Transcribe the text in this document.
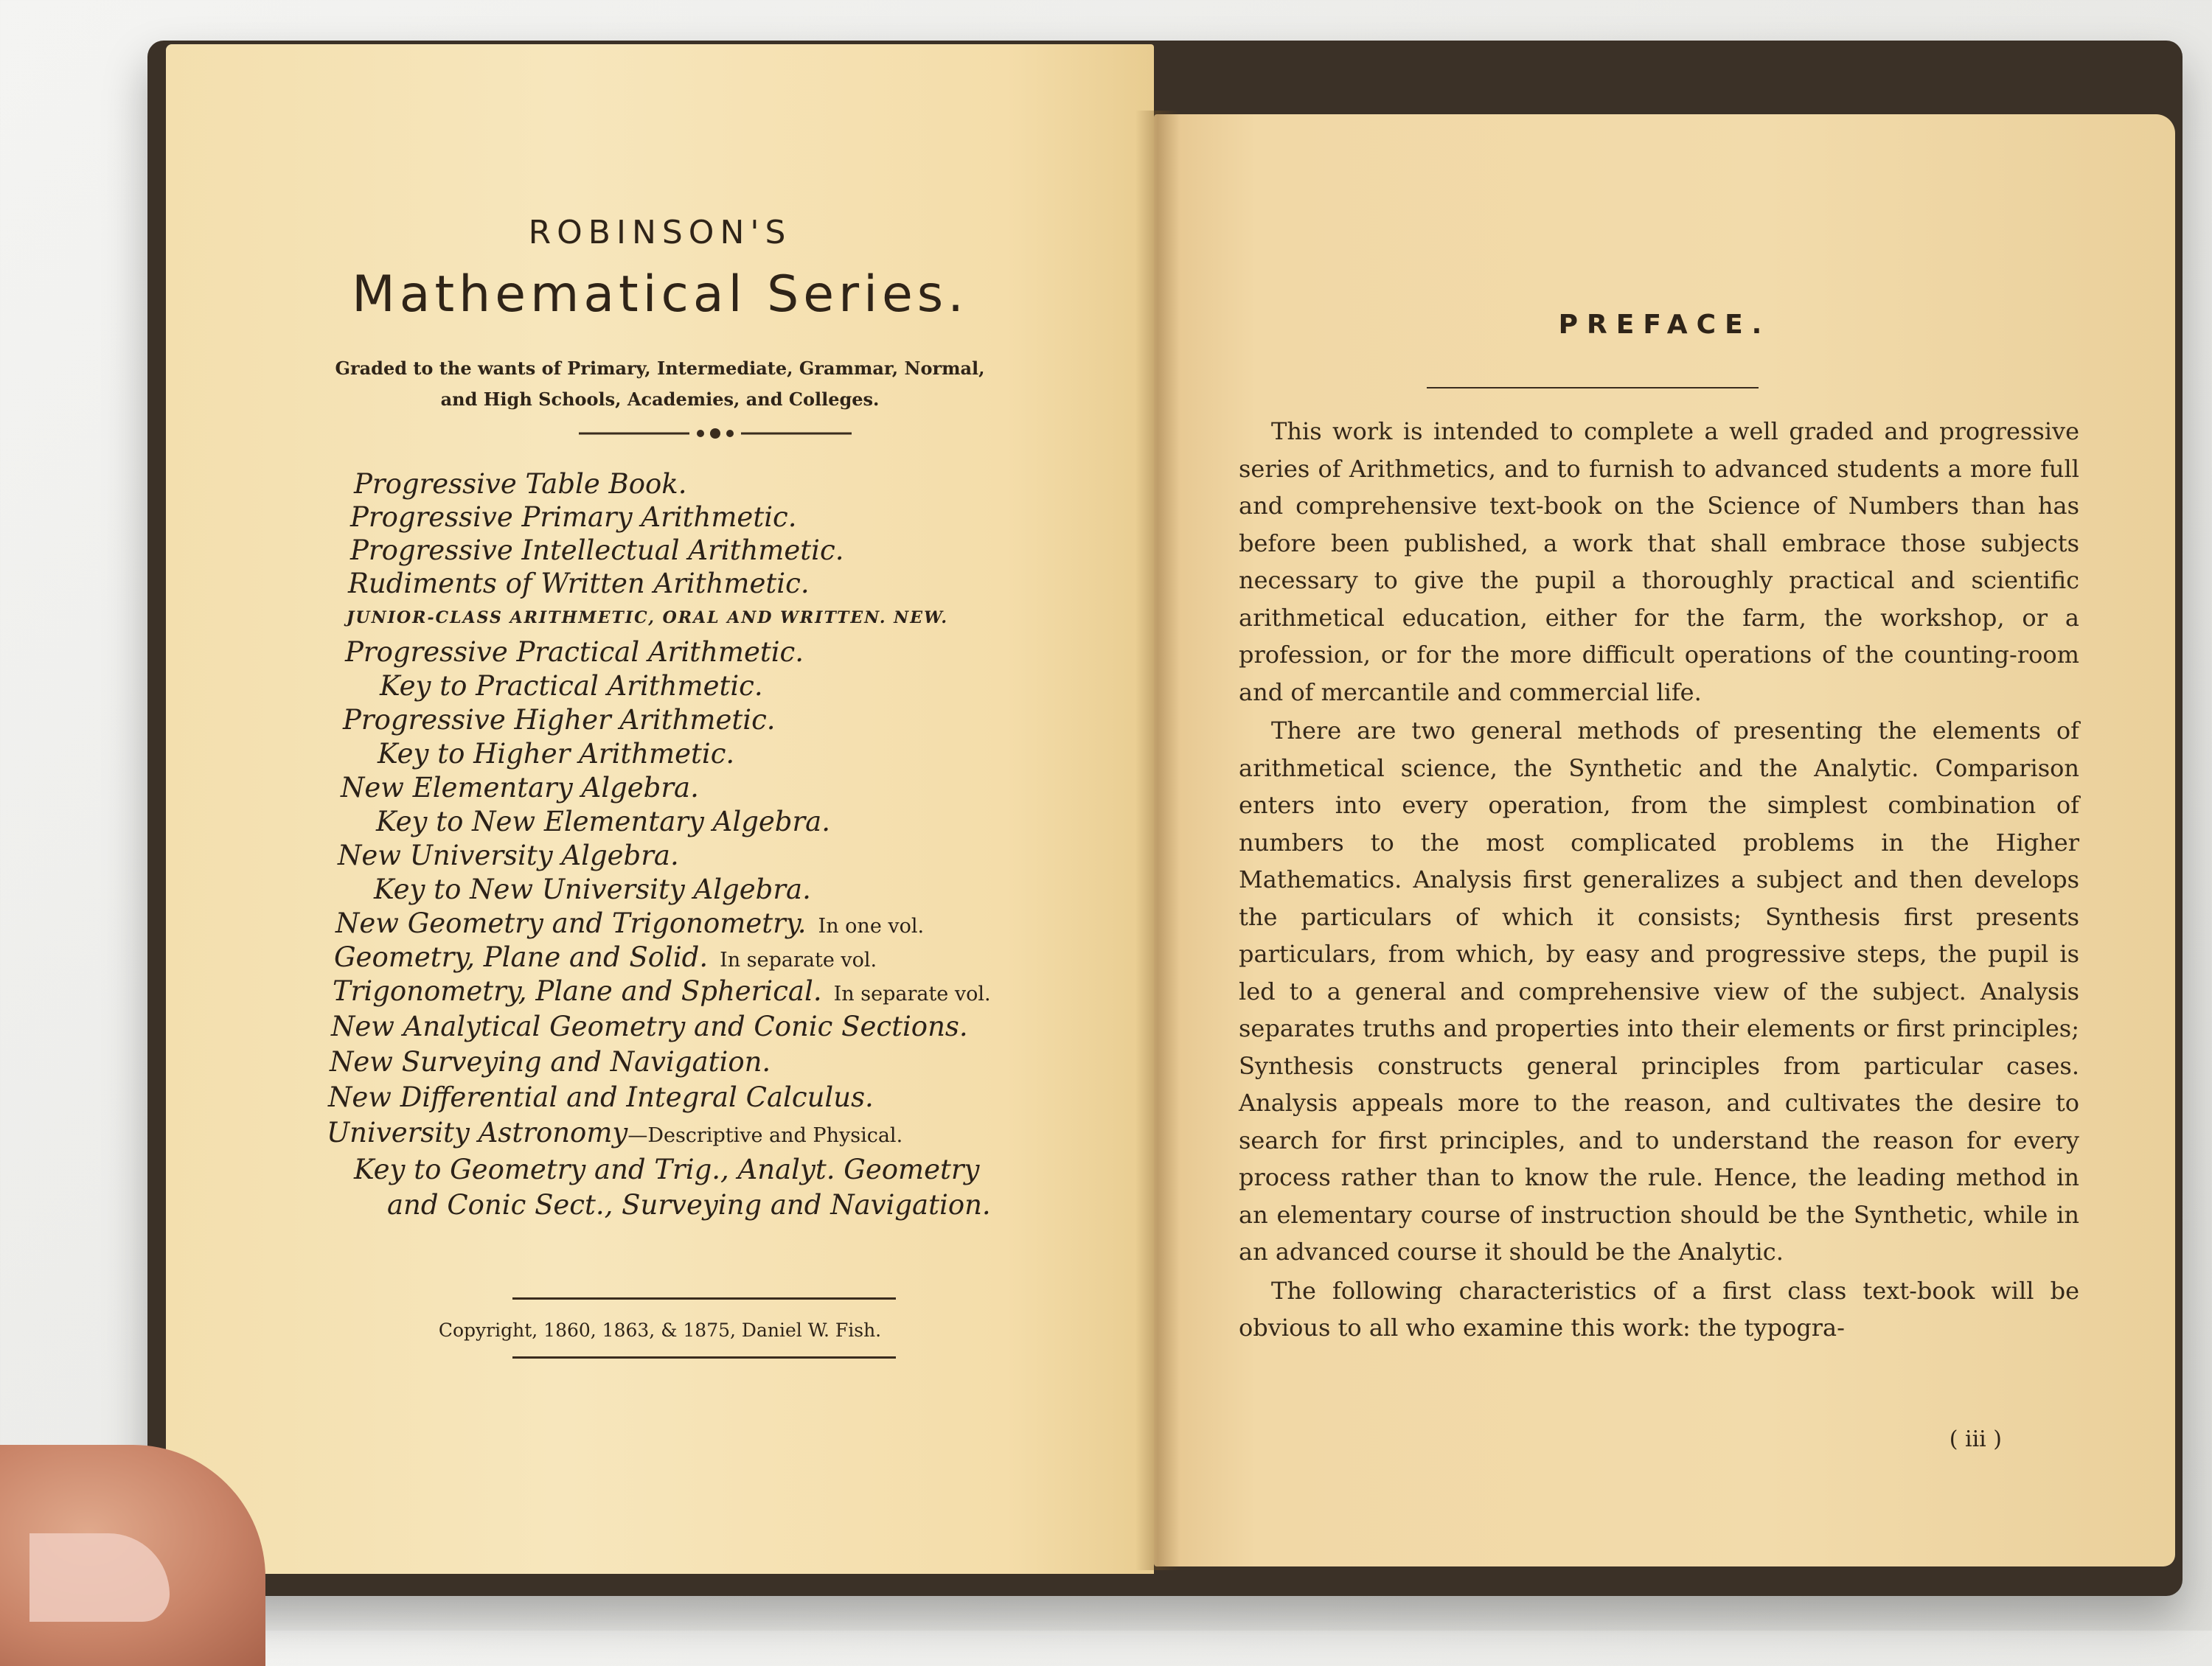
ROBINSON'S
Mathematical Series.
Graded to the wants of Primary, Intermediate, Grammar, Normal,
and High Schools, Academies, and Colleges.
Progressive Table Book.
Progressive Primary Arithmetic.
Progressive Intellectual Arithmetic.
Rudiments of Written Arithmetic.
JUNIOR-CLASS ARITHMETIC, ORAL AND WRITTEN. NEW.
Progressive Practical Arithmetic.
Key to Practical Arithmetic.
Progressive Higher Arithmetic.
Key to Higher Arithmetic.
New Elementary Algebra.
Key to New Elementary Algebra.
New University Algebra.
Key to New University Algebra.
New Geometry and Trigonometry. In one vol.
Geometry, Plane and Solid. In separate vol.
Trigonometry, Plane and Spherical. In separate vol.
New Analytical Geometry and Conic Sections.
New Surveying and Navigation.
New Differential and Integral Calculus.
University Astronomy—Descriptive and Physical.
Key to Geometry and Trig., Analyt. Geometry
and Conic Sect., Surveying and Navigation.
Copyright, 1860, 1863, & 1875, Daniel W. Fish.
PREFACE.

This work is intended to complete a well graded and progressive series of Arithmetics, and to furnish to advanced students a more full and comprehensive text-book on the Science of Numbers than has before been published, a work that shall embrace those subjects necessary to give the pupil a thoroughly practical and scientific arithmetical education, either for the farm, the workshop, or a profession, or for the more difficult operations of the counting-room and of mercantile and commercial life.

There are two general methods of presenting the elements of arithmetical science, the Synthetic and the Analytic. Comparison enters into every operation, from the simplest combination of numbers to the most complicated problems in the Higher Mathematics. Analysis first generalizes a subject and then develops the particulars of which it consists; Synthesis first presents particulars, from which, by easy and progressive steps, the pupil is led to a general and comprehensive view of the subject. Analysis separates truths and properties into their elements or first principles; Synthesis constructs general principles from particular cases. Analysis appeals more to the reason, and cultivates the desire to search for first principles, and to understand the reason for every process rather than to know the rule. Hence, the leading method in an elementary course of instruction should be the Synthetic, while in an advanced course it should be the Analytic.

The following characteristics of a first class text-book will be obvious to all who examine this work: the typogra-

( iii )
